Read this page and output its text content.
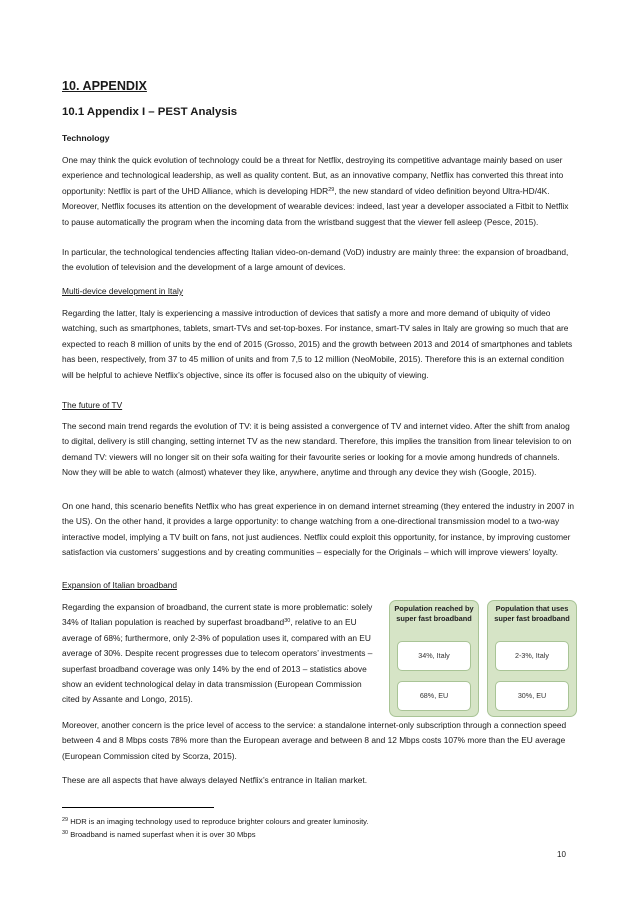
10. APPENDIX

10.1 Appendix I – PEST Analysis

Technology

One may think the quick evolution of technology could be a threat for Netflix, destroying its competitive advantage mainly based on user experience and technological leadership, as well as quality content. But, as an innovative company, Netflix has converted this threat into opportunity: Netflix is part of the UHD Alliance, which is developing HDR$^{29}$, the new standard of video definition beyond Ultra-HD/4K. Moreover, Netflix focuses its attention on the development of wearable devices: indeed, last year a developer associated a Fitbit to Netflix to pause automatically the program when the incoming data from the wristband suggest that the viewer fell asleep (Pesce, 2015).

In particular, the technological tendencies affecting Italian video-on-demand (VoD) industry are mainly three: the expansion of broadband, the evolution of television and the development of a large amount of devices.

Multi-device development in Italy

Regarding the latter, Italy is experiencing a massive introduction of devices that satisfy a more and more demand of ubiquity of video watching, such as smartphones, tablets, smart-TVs and set-top-boxes. For instance, smart-TV sales in Italy are growing so much that are expected to reach 8 million of units by the end of 2015 (Grosso, 2015) and the growth between 2013 and 2014 of smartphones and tablets has been, respectively, from 37 to 45 million of units and from 7,5 to 12 million (NeoMobile, 2015). Therefore this is an external condition will be helpful to achieve Netflix’s objective, since its offer is focused also on the ubiquity of viewing.

The future of TV

The second main trend regards the evolution of TV: it is being assisted a convergence of TV and internet video. After the shift from analog to digital, delivery is still changing, setting internet TV as the new standard. Therefore, this implies the transition from linear television to on demand TV: viewers will no longer sit on their sofa waiting for their favourite series or looking for a movie among hundreds of channels. Now they will be able to watch (almost) whatever they like, anywhere, anytime and through any device they wish (Google, 2015).

On one hand, this scenario benefits Netflix who has great experience in on demand internet streaming (they entered the industry in 2007 in the US). On the other hand, it provides a large opportunity: to change watching from a one-directional transmission model to a two-way interactive model, implying a TV built on fans, not just audiences. Netflix could exploit this opportunity, for instance, by improving customer satisfaction via customers’ suggestions and by creating communities – especially for the Originals – which will improve viewers’ loyalty.

Expansion of Italian broadband

Regarding the expansion of broadband, the current state is more problematic: solely 34% of Italian population is reached by superfast broadband$^{30}$, relative to an EU average of 68%; furthermore, only 2-3% of population uses it, compared with an EU average of 30%. Despite recent progresses due to telecom operators’ investments – superfast broadband coverage was only 14% by the end of 2013 – statistics above show an evident technological delay in data transmission (European Commission cited by Assante and Longo, 2015).

Moreover, another concern is the price level of access to the service: a standalone internet-only subscription through a connection speed between 4 and 8 Mbps costs 78% more than the European average and between 8 and 12 Mbps costs 107% more than the EU average (European Commission cited by Scorza, 2015).

These are all aspects that have always delayed Netflix’s entrance in Italian market.

Population reached by super fast broadband
34%, Italy
68%, EU
Population that uses super fast broadband
2-3%, Italy
30%, EU

$^{29}$ HDR is an imaging technology used to reproduce brighter colours and greater luminosity.

$^{30}$ Broadband is named superfast when it is over 30 Mbps

10
